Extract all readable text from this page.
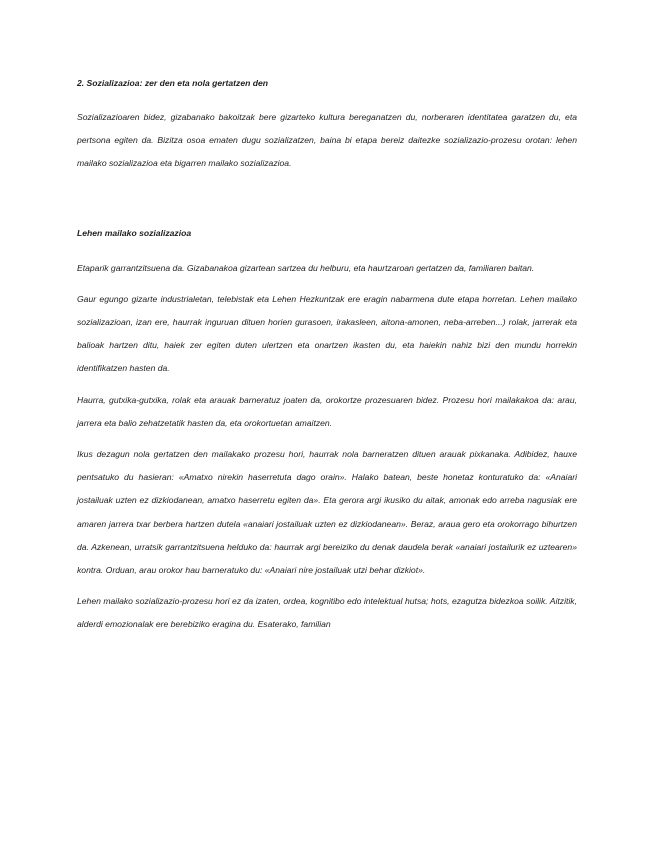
2. Sozializazioa: zer den eta nola gertatzen den

Sozializazioaren bidez, gizabanako bakoitzak bere gizarteko kultura bereganatzen du, norberaren identitatea garatzen du, eta pertsona egiten da. Bizitza osoa ematen dugu sozializatzen, baina bi etapa bereiz daitezke sozializazio-prozesu orotan: lehen mailako sozializazioa eta bigarren mailako sozializazioa.

Lehen mailako sozializazioa

Etaparik garrantzitsuena da. Gizabanakoa gizartean sartzea du helburu, eta haurtzaroan gertatzen da, familiaren baitan.

Gaur egungo gizarte industrialetan, telebistak eta Lehen Hezkuntzak ere eragin nabarmena dute etapa horretan. Lehen mailako sozializazioan, izan ere, haurrak inguruan dituen horien gurasoen, irakasleen, aitona-amonen, neba-arreben...) rolak, jarrerak eta balioak hartzen ditu, haiek zer egiten duten ulertzen eta onartzen ikasten du, eta haiekin nahiz bizi den mundu horrekin identifikatzen hasten da.

Haurra, gutxika-gutxika, rolak eta arauak barneratuz joaten da, orokortze prozesuaren bidez. Prozesu hori mailakakoa da: arau, jarrera eta balio zehatzetatik hasten da, eta orokortuetan amaitzen.

Ikus dezagun nola gertatzen den mailakako prozesu hori, haurrak nola barneratzen dituen arauak pixkanaka. Adibidez, hauxe pentsatuko du hasieran: «Amatxo nirekin haserretuta dago orain». Halako batean, beste honetaz konturatuko da: «Anaiari jostailuak uzten ez dizkiodanean, amatxo haserretu egiten da». Eta gerora argi ikusiko du aitak, amonak edo arreba nagusiak ere amaren jarrera txar berbera hartzen dutela «anaiari jostailuak uzten ez dizkiodanean». Beraz, araua gero eta orokorrago bihurtzen da. Azkenean, urratsik garrantzitsuena helduko da: haurrak argi bereiziko du denak daudela berak «anaiari jostailurik ez uztearen» kontra. Orduan, arau orokor hau barneratuko du: «Anaiari nire jostailuak utzi behar dizkiot».

Lehen mailako sozializazio-prozesu hori ez da izaten, ordea, kognitibo edo intelektual hutsa; hots, ezagutza bidezkoa soilik. Aitzitik, alderdi emozionalak ere berebiziko eragina du. Esaterako, familian
